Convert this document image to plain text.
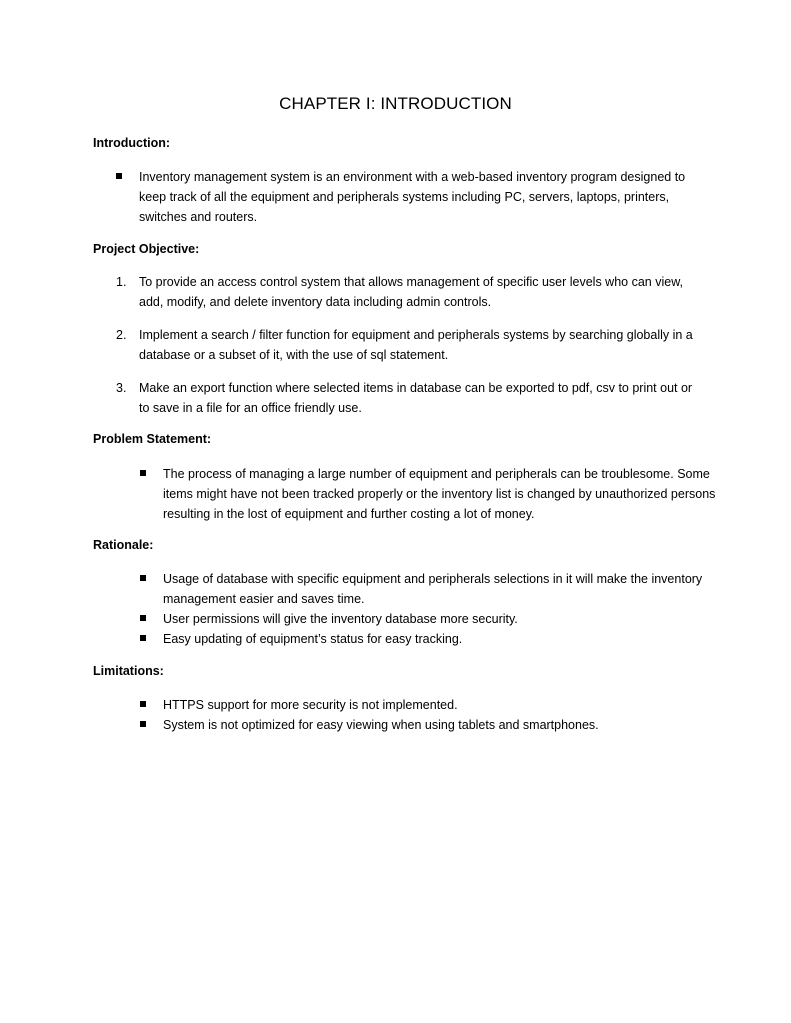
CHAPTER I: INTRODUCTION
Introduction:
Inventory management system is an environment with a web-based inventory program designed to keep track of all the equipment and peripherals systems including PC, servers, laptops, printers, switches and routers.
Project Objective:
1. To provide an access control system that allows management of specific user levels who can view, add, modify, and delete inventory data including admin controls.
2. Implement a search / filter function for equipment and peripherals systems by searching globally in a database or a subset of it, with the use of sql statement.
3. Make an export function where selected items in database can be exported to pdf, csv to print out or to save in a file for an office friendly use.
Problem Statement:
The process of managing a large number of equipment and peripherals can be troublesome. Some items might have not been tracked properly or the inventory list is changed by unauthorized persons resulting in the lost of equipment and further costing a lot of money.
Rationale:
Usage of database with specific equipment and peripherals selections in it will make the inventory management easier and saves time.
User permissions will give the inventory database more security.
Easy updating of equipment’s status for easy tracking.
Limitations:
HTTPS support for more security is not implemented.
System is not optimized for easy viewing when using tablets and smartphones.
